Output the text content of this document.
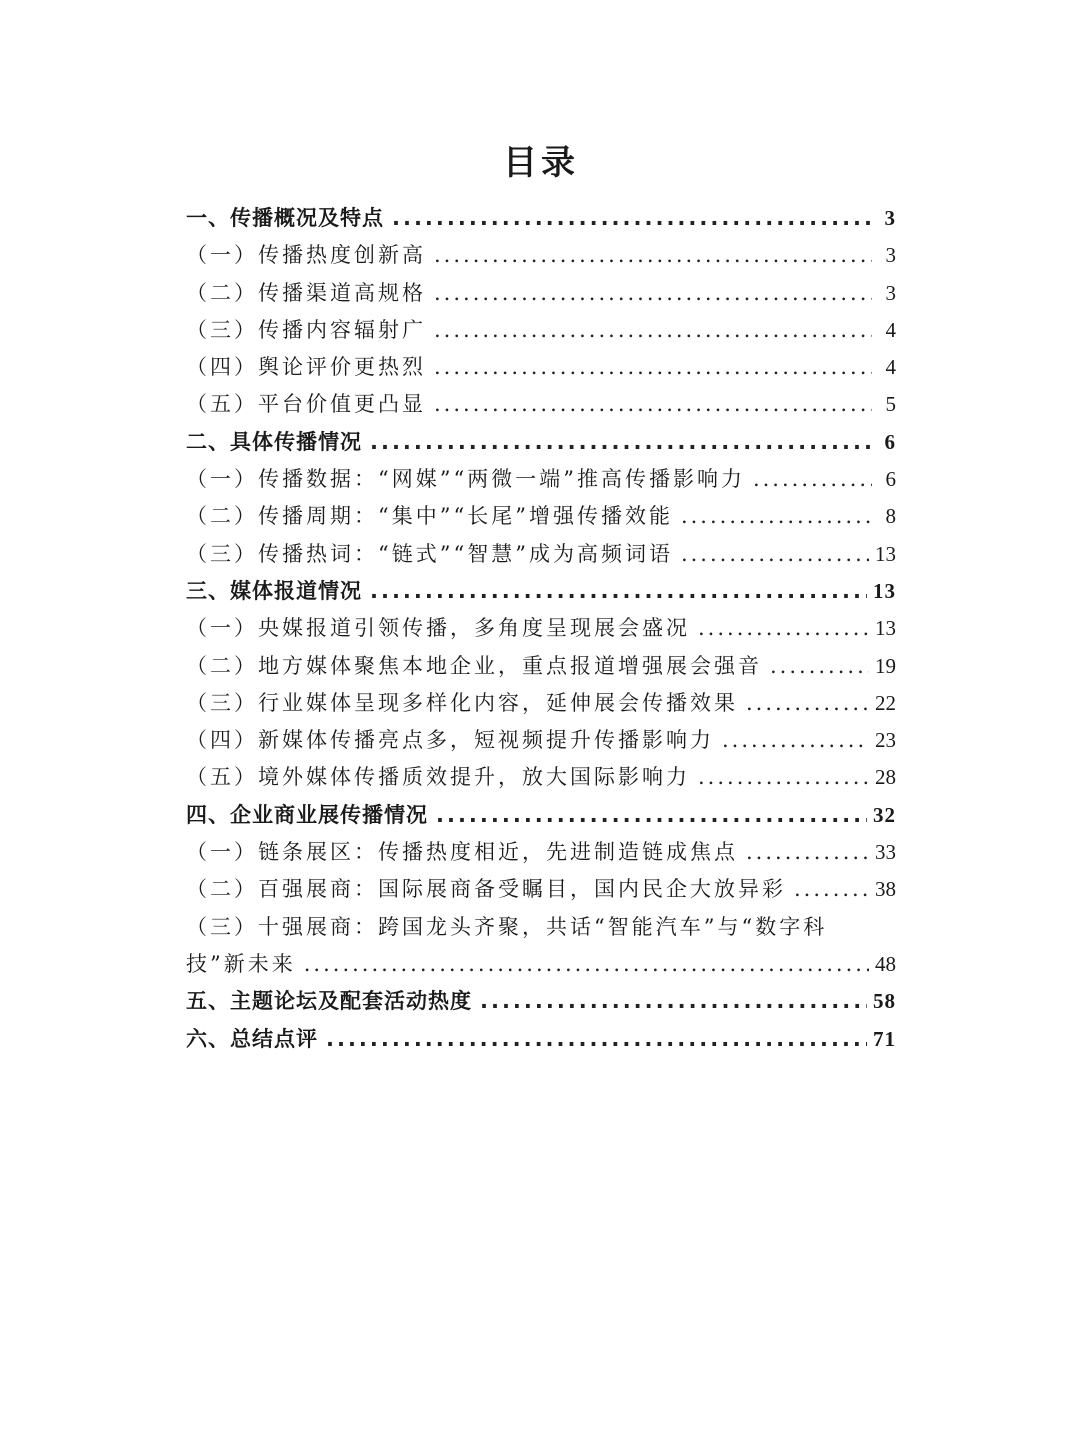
目录
一、传播概况及特点 .....	3
（一）传播热度创新高 .....	3
（二）传播渠道高规格 .....	3
（三）传播内容辐射广 .....	4
（四）舆论评价更热烈 .....	4
（五）平台价值更凸显 .....	5
二、具体传播情况 .....	6
（一）传播数据：“网媒”“两微一端”推高传播影响力 .....	6
（二）传播周期：“集中”“长尾”增强传播效能 .....	8
（三）传播热词：“链式”“智慧”成为高频词语 .....	13
三、媒体报道情况 .....	13
（一）央媒报道引领传播，多角度呈现展会盛况 .....	13
（二）地方媒体聚焦本地企业，重点报道增强展会强音 .....	19
（三）行业媒体呈现多样化内容，延伸展会传播效果 .....	22
（四）新媒体传播亮点多，短视频提升传播影响力 .....	23
（五）境外媒体传播质效提升，放大国际影响力 .....	28
四、企业商业展传播情况 .....	32
（一）链条展区：传播热度相近，先进制造链成焦点 .....	33
（二）百强展商：国际展商备受瞩目，国内民企大放异彩 .....	38
（三）十强展商：跨国龙头齐聚，共话“智能汽车”与“数字科
技”新未来 .....	48
五、主题论坛及配套活动热度 .....	58
六、总结点评 .....	71
